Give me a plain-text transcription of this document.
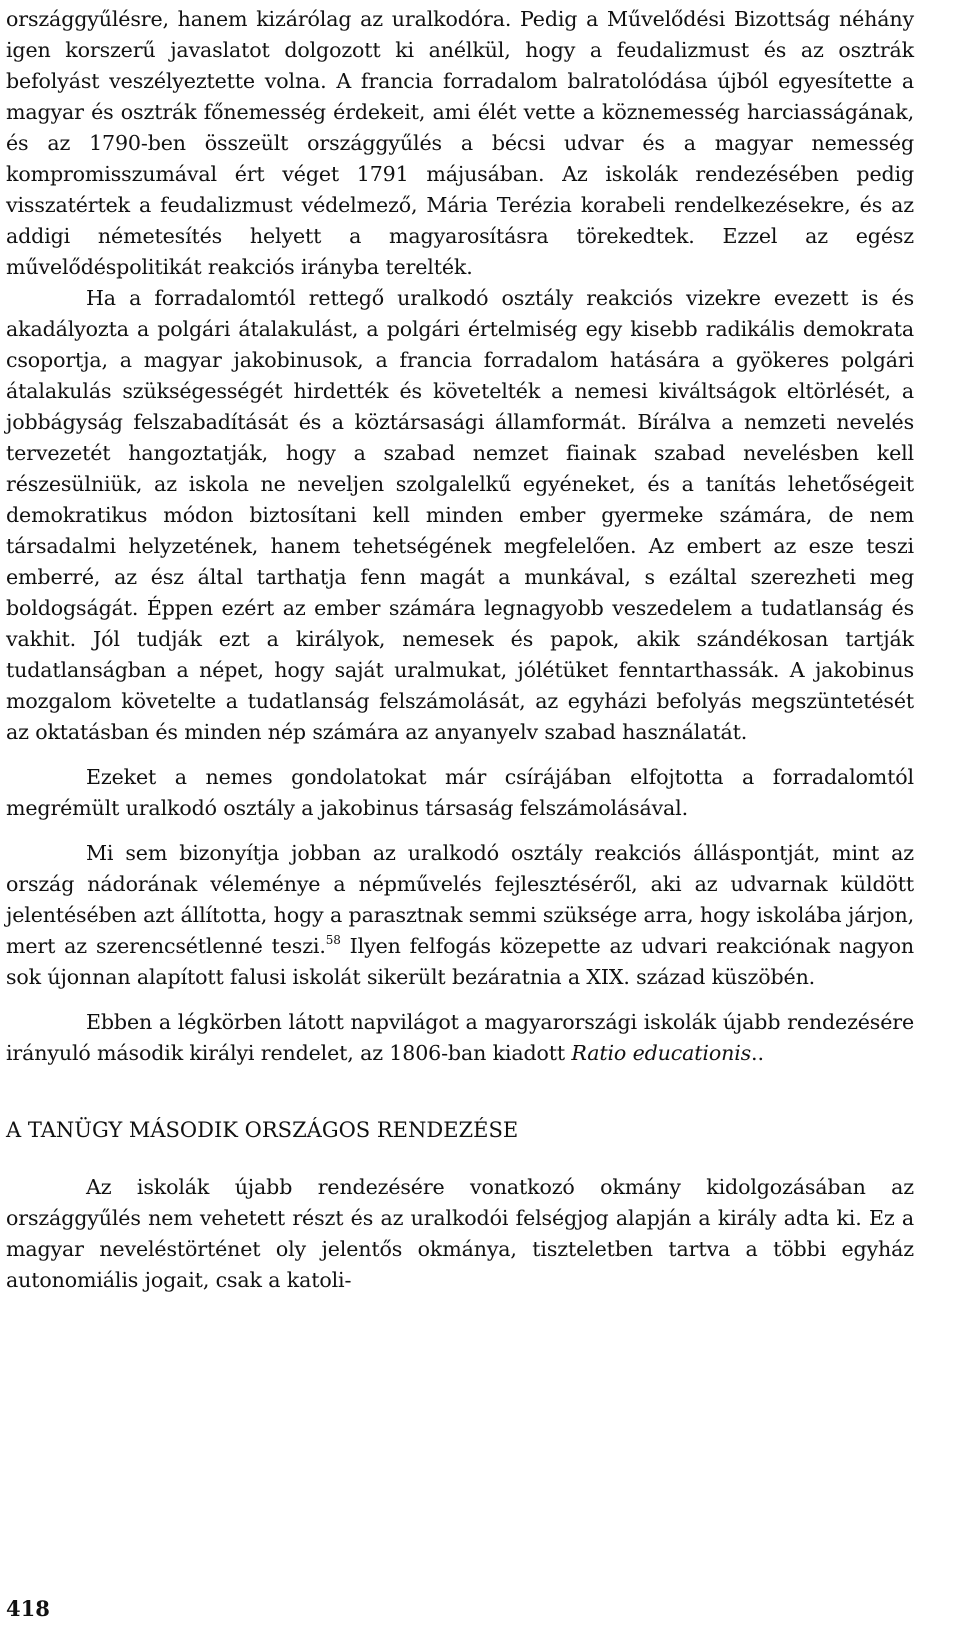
országgyűlésre, hanem kizárólag az uralkodóra. Pedig a Művelődési Bizottság néhány igen korszerű javaslatot dolgozott ki anélkül, hogy a feudalizmust és az osztrák befolyást veszélyeztette volna. A francia forradalom balratolódása újból egyesítette a magyar és osztrák főnemesség érdekeit, ami élét vette a köznemesség harciasságának, és az 1790-ben összeült országgyűlés a bécsi udvar és a magyar nemesség kompromisszumával ért véget 1791 májusában. Az iskolák rendezésében pedig visszatértek a feudalizmust védelmező, Mária Terézia korabeli rendelkezésekre, és az addigi németesítés helyett a magyarosításra törekedtek. Ezzel az egész művelődéspolitikát reakciós irányba terelték.

Ha a forradalomtól rettegő uralkodó osztály reakciós vizekre evezett is és akadályozta a polgári átalakulást, a polgári értelmiség egy kisebb radikális demokrata csoportja, a magyar jakobinusok, a francia forradalom hatására a gyökeres polgári átalakulás szükségességét hirdették és követelték a nemesi kiváltságok eltörlését, a jobbágyság felszabadítását és a köztársasági államformát. Bírálva a nemzeti nevelés tervezetét hangoztatják, hogy a szabad nemzet fiainak szabad nevelésben kell részesülniük, az iskola ne neveljen szolgalelkű egyéneket, és a tanítás lehetőségeit demokratikus módon biztosítani kell minden ember gyermeke számára, de nem társadalmi helyzetének, hanem tehetségének megfelelően. Az embert az esze teszi emberré, az ész által tarthatja fenn magát a munkával, s ezáltal szerezheti meg boldogságát. Éppen ezért az ember számára legnagyobb veszedelem a tudatlanság és vakhit. Jól tudják ezt a királyok, nemesek és papok, akik szándékosan tartják tudatlanságban a népet, hogy saját uralmukat, jólétüket fenntarthassák. A jakobinus mozgalom követelte a tudatlanság felszámolását, az egyházi befolyás megszüntetését az oktatásban és minden nép számára az anyanyelv szabad használatát.

Ezeket a nemes gondolatokat már csírájában elfojtotta a forradalomtól megrémült uralkodó osztály a jakobinus társaság felszámolásával.

Mi sem bizonyítja jobban az uralkodó osztály reakciós álláspontját, mint az ország nádorának véleménye a népművelés fejlesztéséről, aki az udvarnak küldött jelentésében azt állította, hogy a parasztnak semmi szüksége arra, hogy iskolába járjon, mert az szerencsétlenné teszi.$^{58}$ Ilyen felfogás közepette az udvari reakciónak nagyon sok újonnan alapított falusi iskolát sikerült bezáratnia a XIX. század küszöbén.

Ebben a légkörben látott napvilágot a magyarországi iskolák újabb rendezésére irányuló második királyi rendelet, az 1806-ban kiadott Ratio educationis..

A TANÜGY MÁSODIK ORSZÁGOS RENDEZÉSE

Az iskolák újabb rendezésére vonatkozó okmány kidolgozásában az országgyűlés nem vehetett részt és az uralkodói felségjog alapján a király adta ki. Ez a magyar neveléstörténet oly jelentős okmánya, tiszteletben tartva a többi egyház autonomiális jogait, csak a katoli-

418
